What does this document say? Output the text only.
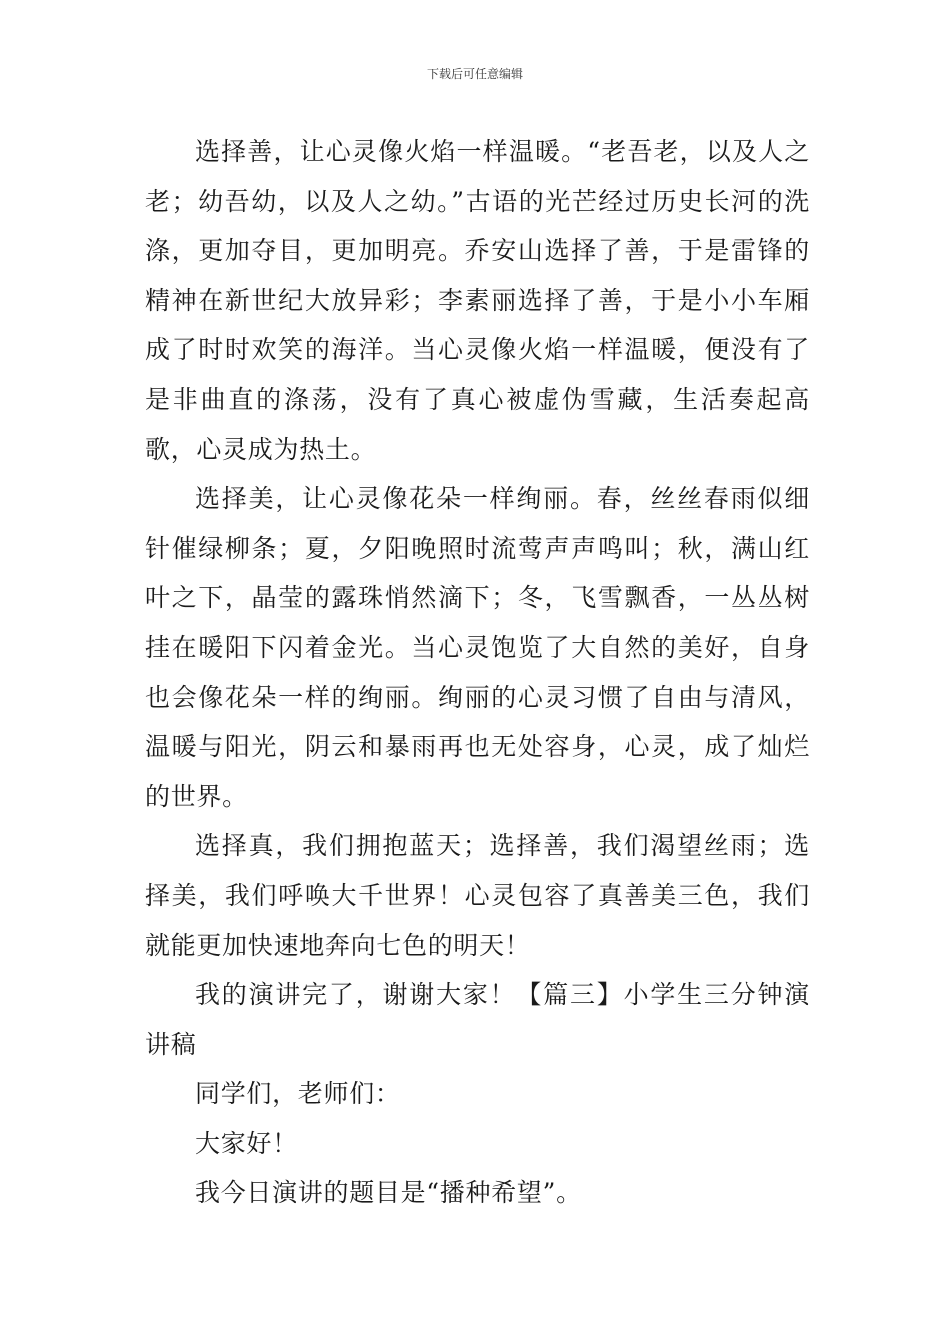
下载后可任意编辑

选择善，让心灵像火焰一样温暖。“老吾老，以及人之老；幼吾幼，以及人之幼。”古语的光芒经过历史长河的洗涤，更加夺目，更加明亮。乔安山选择了善，于是雷锋的精神在新世纪大放异彩；李素丽选择了善，于是小小车厢成了时时欢笑的海洋。当心灵像火焰一样温暖，便没有了是非曲直的涤荡，没有了真心被虚伪雪藏，生活奏起高歌，心灵成为热土。

选择美，让心灵像花朵一样绚丽。春，丝丝春雨似细针催绿柳条；夏，夕阳晚照时流莺声声鸣叫；秋，满山红叶之下，晶莹的露珠悄然滴下；冬，飞雪飘香，一丛丛树挂在暖阳下闪着金光。当心灵饱览了大自然的美好，自身也会像花朵一样的绚丽。绚丽的心灵习惯了自由与清风，温暖与阳光，阴云和暴雨再也无处容身，心灵，成了灿烂的世界。

选择真，我们拥抱蓝天；选择善，我们渴望丝雨；选择美，我们呼唤大千世界！心灵包容了真善美三色，我们就能更加快速地奔向七色的明天！

我的演讲完了，谢谢大家！【篇三】小学生三分钟演讲稿

同学们，老师们：

大家好！

我今日演讲的题目是“播种希望”。
